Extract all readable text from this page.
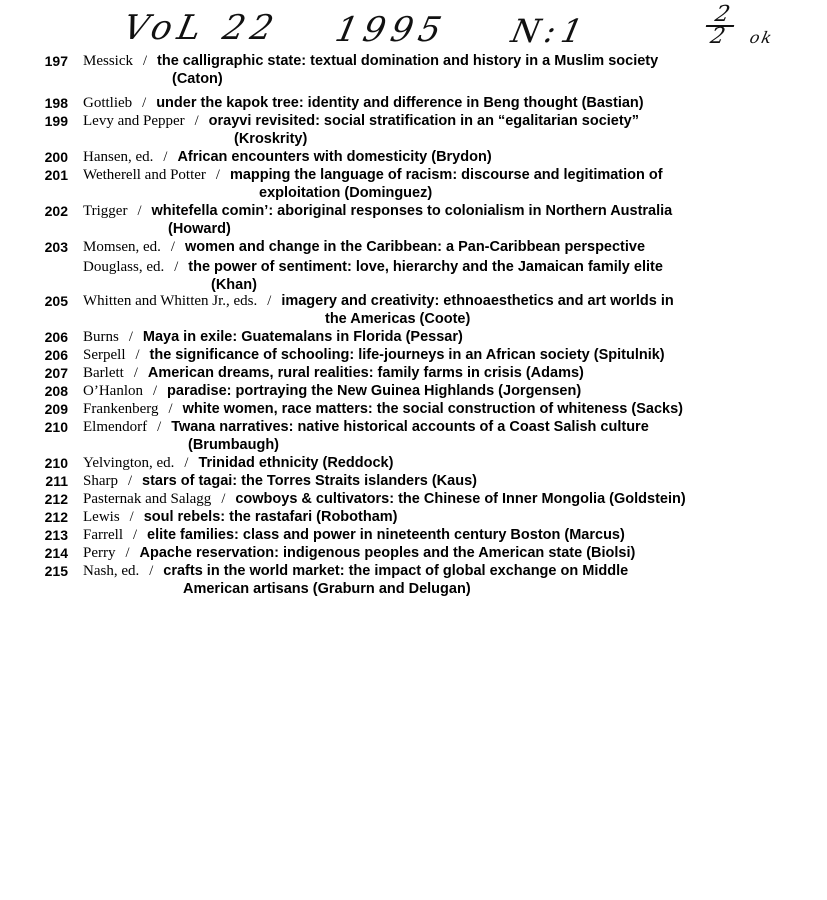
VoL 22 1995 N:1	2
2	ok
197 Messick / the calligraphic state: textual domination and history in a Muslim society
(Caton)
198 Gottlieb / under the kapok tree: identity and difference in Beng thought (Bastian)
199 Levy and Pepper / orayvi revisited: social stratification in an “egalitarian society”
(Kroskrity)
200 Hansen, ed. / African encounters with domesticity (Brydon)
201 Wetherell and Potter / mapping the language of racism: discourse and legitimation of
exploitation (Dominguez)
202 Trigger / whitefella comin’: aboriginal responses to colonialism in Northern Australia
(Howard)
203 Momsen, ed. / women and change in the Caribbean: a Pan-Caribbean perspective
Douglass, ed. / the power of sentiment: love, hierarchy and the Jamaican family elite
(Khan)
205 Whitten and Whitten Jr., eds. / imagery and creativity: ethnoaesthetics and art worlds in
the Americas (Coote)
206 Burns / Maya in exile: Guatemalans in Florida (Pessar)
206 Serpell / the significance of schooling: life-journeys in an African society (Spitulnik)
207 Barlett / American dreams, rural realities: family farms in crisis (Adams)
208 O’Hanlon / paradise: portraying the New Guinea Highlands (Jorgensen)
209 Frankenberg / white women, race matters: the social construction of whiteness (Sacks)
210 Elmendorf / Twana narratives: native historical accounts of a Coast Salish culture
(Brumbaugh)
210 Yelvington, ed. / Trinidad ethnicity (Reddock)
211 Sharp / stars of tagai: the Torres Straits islanders (Kaus)
212 Pasternak and Salagg / cowboys & cultivators: the Chinese of Inner Mongolia (Goldstein)
212 Lewis / soul rebels: the rastafari (Robotham)
213 Farrell / elite families: class and power in nineteenth century Boston (Marcus)
214 Perry / Apache reservation: indigenous peoples and the American state (Biolsi)
215 Nash, ed. / crafts in the world market: the impact of global exchange on Middle
American artisans (Graburn and Delugan)
